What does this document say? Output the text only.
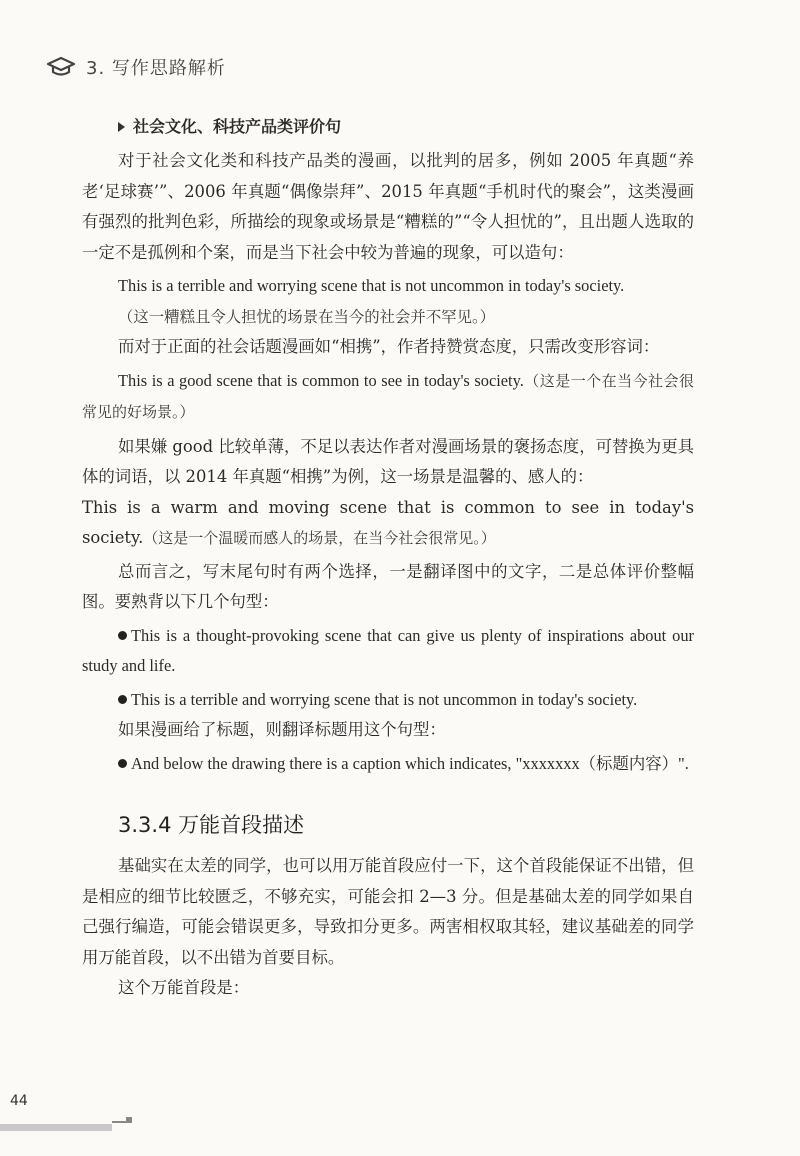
3. 写作思路解析
社会文化、科技产品类评价句

对于社会文化类和科技产品类的漫画，以批判的居多，例如 2005 年真题“养老‘足球赛’”、2006 年真题“偶像崇拜”、2015 年真题“手机时代的聚会”，这类漫画有强烈的批判色彩，所描绘的现象或场景是“糟糕的”“令人担忧的”，且出题人选取的一定不是孤例和个案，而是当下社会中较为普遍的现象，可以造句：

This is a terrible and worrying scene that is not uncommon in today's society.

（这一糟糕且令人担忧的场景在当今的社会并不罕见。）

而对于正面的社会话题漫画如“相携”，作者持赞赏态度，只需改变形容词：

This is a good scene that is common to see in today's society.（这是一个在当今社会很常见的好场景。）

如果嫌 good 比较单薄，不足以表达作者对漫画场景的褒扬态度，可替换为更具体的词语，以 2014 年真题“相携”为例，这一场景是温馨的、感人的：

This is a warm and moving scene that is common to see in today's society.（这是一个温暖而感人的场景，在当今社会很常见。）

总而言之，写末尾句时有两个选择，一是翻译图中的文字，二是总体评价整幅图。要熟背以下几个句型：

This is a thought-provoking scene that can give us plenty of inspirations about our study and life.

This is a terrible and worrying scene that is not uncommon in today's society.

如果漫画给了标题，则翻译标题用这个句型：

And below the drawing there is a caption which indicates, "xxxxxxx（标题内容）".

3.3.4 万能首段描述

基础实在太差的同学，也可以用万能首段应付一下，这个首段能保证不出错，但是相应的细节比较匮乏，不够充实，可能会扣 2—3 分。但是基础太差的同学如果自己强行编造，可能会错误更多，导致扣分更多。两害相权取其轻，建议基础差的同学用万能首段，以不出错为首要目标。

这个万能首段是：

44
